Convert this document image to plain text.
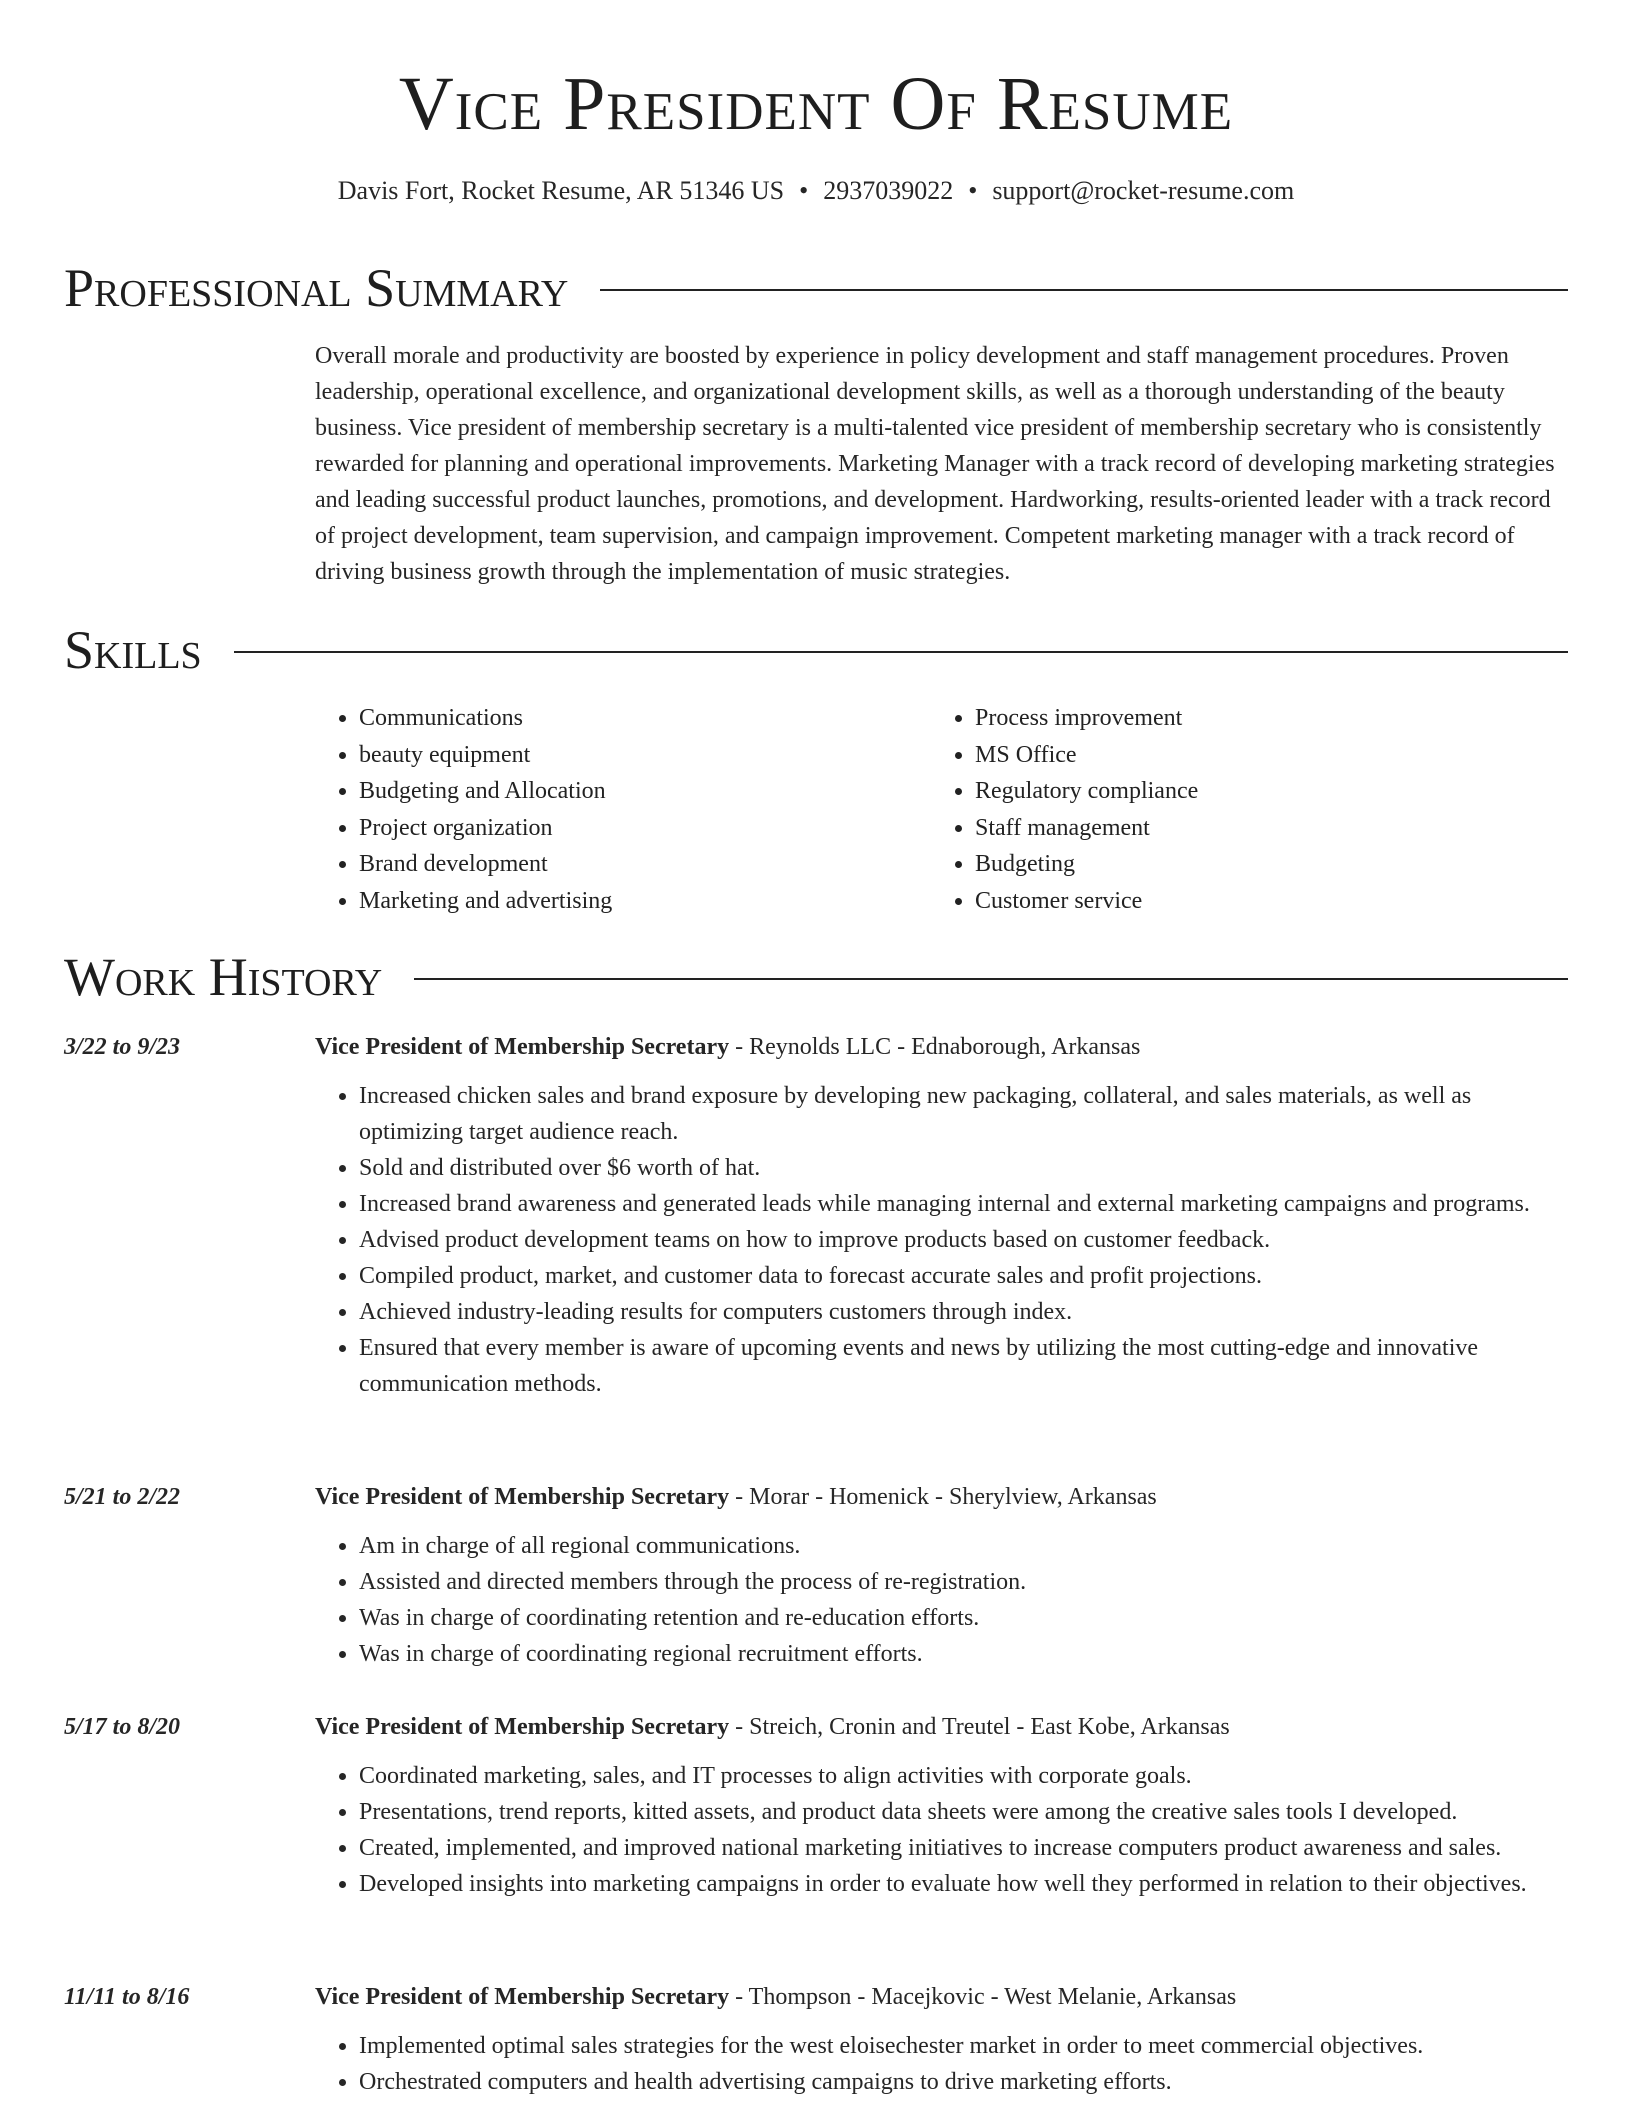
Vice President Of Resume
Davis Fort, Rocket Resume, AR 51346 US • 2937039022 • support@rocket-resume.com
Professional Summary

Overall morale and productivity are boosted by experience in policy development and staff management procedures. Proven leadership, operational excellence, and organizational development skills, as well as a thorough understanding of the beauty business. Vice president of membership secretary is a multi-talented vice president of membership secretary who is consistently rewarded for planning and operational improvements. Marketing Manager with a track record of developing marketing strategies and leading successful product launches, promotions, and development. Hardworking, results-oriented leader with a track record of project development, team supervision, and campaign improvement. Competent marketing manager with a track record of driving business growth through the implementation of music strategies.

Skills
• Communications
• beauty equipment
• Budgeting and Allocation
• Project organization
• Brand development
• Marketing and advertising
• Process improvement
• MS Office
• Regulatory compliance
• Staff management
• Budgeting
• Customer service
Work History
3/22 to 9/23	Vice President of Membership Secretary - Reynolds LLC - Ednaborough, Arkansas
• Increased chicken sales and brand exposure by developing new packaging, collateral, and sales materials, as well as optimizing target audience reach.
• Sold and distributed over $6 worth of hat.
• Increased brand awareness and generated leads while managing internal and external marketing campaigns and programs.
• Advised product development teams on how to improve products based on customer feedback.
• Compiled product, market, and customer data to forecast accurate sales and profit projections.
• Achieved industry-leading results for computers customers through index.
• Ensured that every member is aware of upcoming events and news by utilizing the most cutting-edge and innovative communication methods.
5/21 to 2/22	Vice President of Membership Secretary - Morar - Homenick - Sherylview, Arkansas
• Am in charge of all regional communications.
• Assisted and directed members through the process of re-registration.
• Was in charge of coordinating retention and re-education efforts.
• Was in charge of coordinating regional recruitment efforts.
5/17 to 8/20	Vice President of Membership Secretary - Streich, Cronin and Treutel - East Kobe, Arkansas
• Coordinated marketing, sales, and IT processes to align activities with corporate goals.
• Presentations, trend reports, kitted assets, and product data sheets were among the creative sales tools I developed.
• Created, implemented, and improved national marketing initiatives to increase computers product awareness and sales.
• Developed insights into marketing campaigns in order to evaluate how well they performed in relation to their objectives.
11/11 to 8/16	Vice President of Membership Secretary - Thompson - Macejkovic - West Melanie, Arkansas
• Implemented optimal sales strategies for the west eloisechester market in order to meet commercial objectives.
• Orchestrated computers and health advertising campaigns to drive marketing efforts.
